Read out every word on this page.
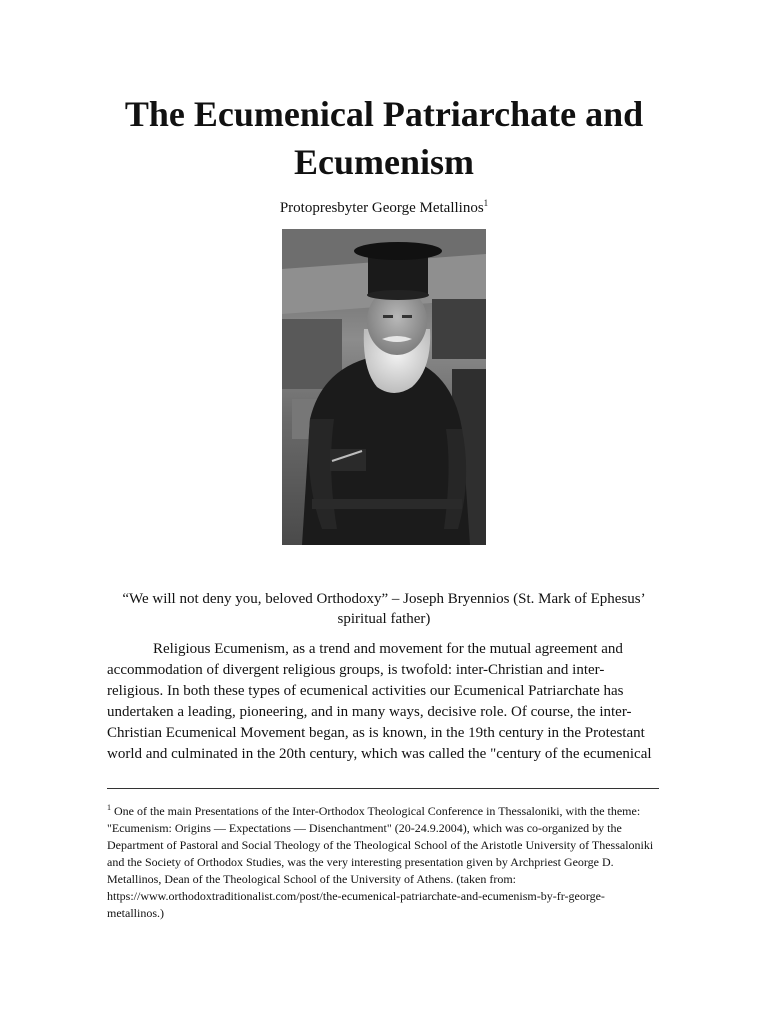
The Ecumenical Patriarchate and Ecumenism
Protopresbyter George Metallinos$^1$
“We will not deny you, beloved Orthodoxy” – Joseph Bryennios (St. Mark of Ephesus’ spiritual father)

Religious Ecumenism, as a trend and movement for the mutual agreement and accommodation of divergent religious groups, is twofold: inter-Christian and inter-religious. In both these types of ecumenical activities our Ecumenical Patriarchate has undertaken a leading, pioneering, and in many ways, decisive role. Of course, the inter-Christian Ecumenical Movement began, as is known, in the 19th century in the Protestant world and culminated in the 20th century, which was called the "century of the ecumenical

$^1$ One of the main Presentations of the Inter-Orthodox Theological Conference in Thessaloniki, with the theme: "Ecumenism: Origins — Expectations — Disenchantment" (20-24.9.2004), which was co-organized by the Department of Pastoral and Social Theology of the Theological School of the Aristotle University of Thessaloniki and the Society of Orthodox Studies, was the very interesting presentation given by Archpriest George D. Metallinos, Dean of the Theological School of the University of Athens. (taken from: https://www.orthodoxtraditionalist.com/post/the-ecumenical-patriarchate-and-ecumenism-by-fr-george-metallinos.)
